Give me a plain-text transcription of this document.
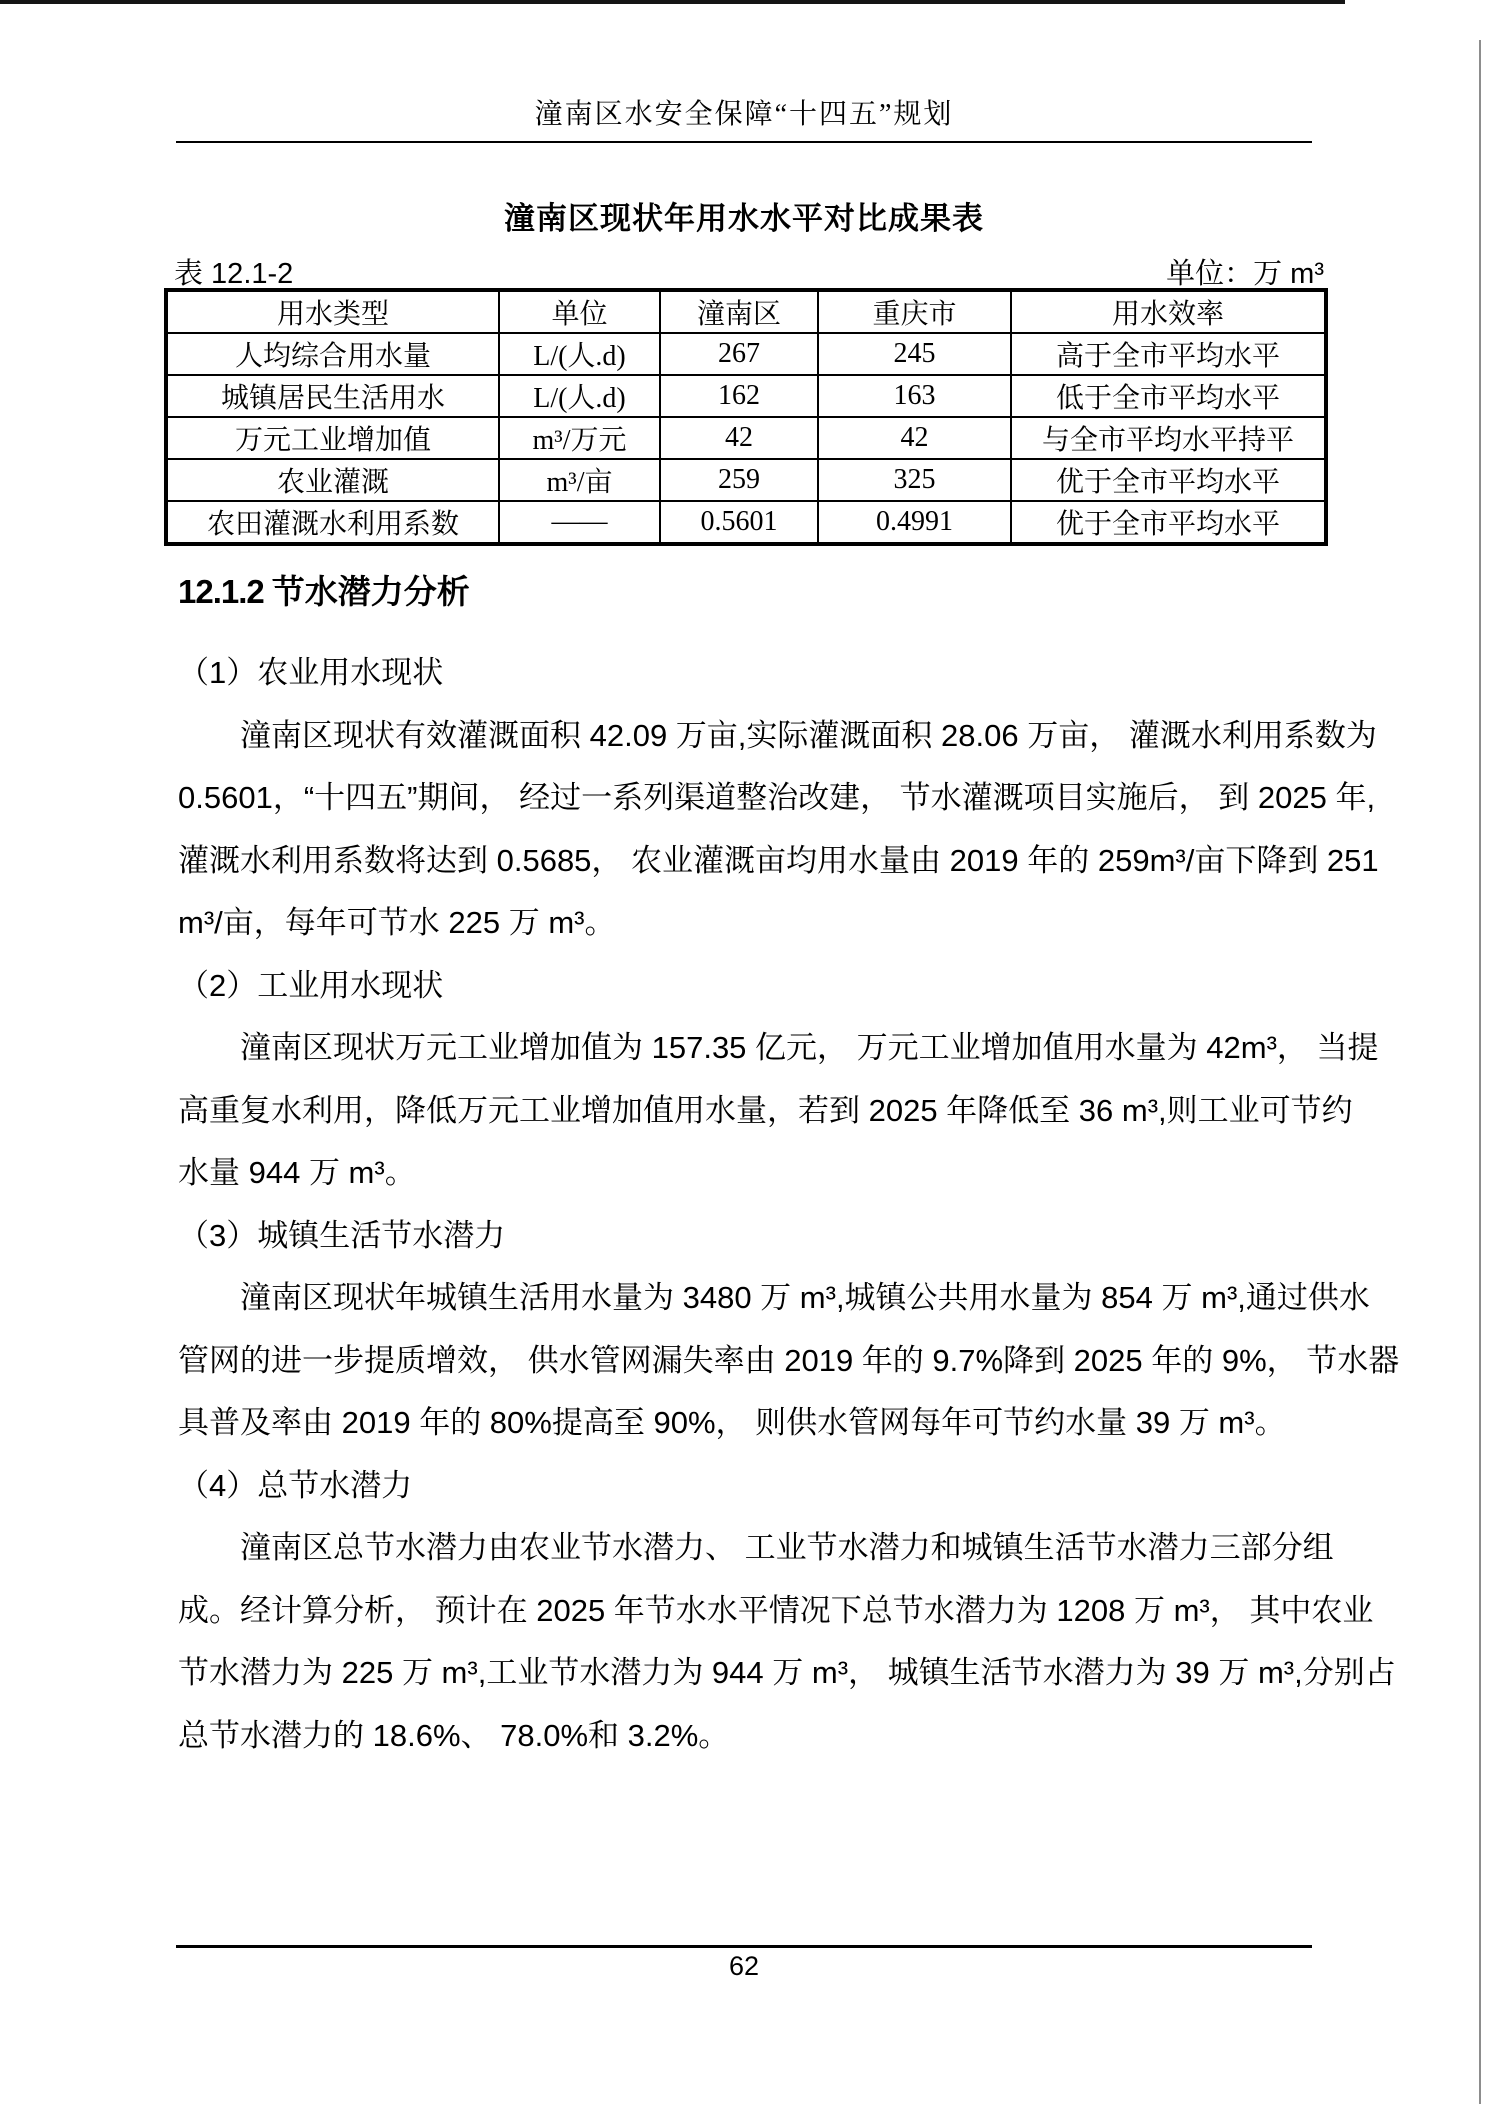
潼南区水安全保障“十四五”规划
潼南区现状年用水水平对比成果表
表 12.1-2	单位：万 m³
用水类型	单位	潼南区	重庆市	用水效率
人均综合用水量	L/(人.d)	267	245	高于全市平均水平
城镇居民生活用水	L/(人.d)	162	163	低于全市平均水平
万元工业增加值	m³/万元	42	42	与全市平均水平持平
农业灌溉	m³/亩	259	325	优于全市平均水平
农田灌溉水利用系数	——	0.5601	0.4991	优于全市平均水平
12.1.2 节水潜力分析
（1）农业用水现状
潼南区现状有效灌溉面积 42.09 万亩,实际灌溉面积 28.06 万亩， 灌溉水利用系数为
0.5601，“十四五”期间， 经过一系列渠道整治改建， 节水灌溉项目实施后， 到 2025 年,
灌溉水利用系数将达到 0.5685， 农业灌溉亩均用水量由 2019 年的 259m³/亩下降到 251
m³/亩，每年可节水 225 万 m³。
（2）工业用水现状
潼南区现状万元工业增加值为 157.35 亿元， 万元工业增加值用水量为 42m³， 当提
高重复水利用，降低万元工业增加值用水量，若到 2025 年降低至 36 m³,则工业可节约
水量 944 万 m³。
（3）城镇生活节水潜力
潼南区现状年城镇生活用水量为 3480 万 m³,城镇公共用水量为 854 万 m³,通过供水
管网的进一步提质增效， 供水管网漏失率由 2019 年的 9.7%降到 2025 年的 9%， 节水器
具普及率由 2019 年的 80%提高至 90%， 则供水管网每年可节约水量 39 万 m³。
（4）总节水潜力
潼南区总节水潜力由农业节水潜力、 工业节水潜力和城镇生活节水潜力三部分组
成。经计算分析， 预计在 2025 年节水水平情况下总节水潜力为 1208 万 m³， 其中农业
节水潜力为 225 万 m³,工业节水潜力为 944 万 m³， 城镇生活节水潜力为 39 万 m³,分别占
总节水潜力的 18.6%、 78.0%和 3.2%。
62
